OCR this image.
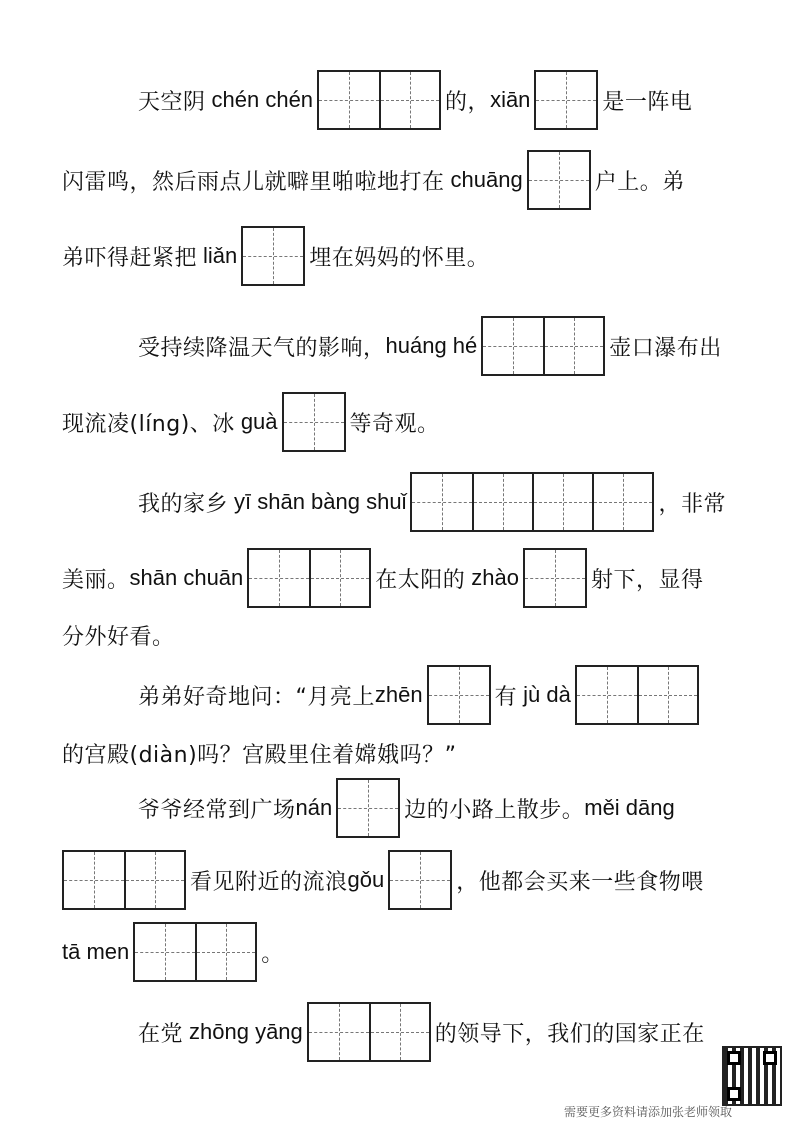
天空阴 chén chén	的， xiān	是一阵电
闪雷鸣，然后雨点儿就噼里啪啦地打在 chuāng	户上。弟
弟吓得赶紧把 liǎn	埋在妈妈的怀里。
受持续降温天气的影响， huáng hé	壶口瀑布出
现流凌(líng)、冰 guà	等奇观。
我的家乡 yī shān bàng shuǐ	，非常
美丽。 shān chuān	在太阳的 zhào	射下，显得
分外好看。
弟弟好奇地问：“月亮上 zhēn	有 jù dà
的宫殿(diàn)吗？宫殿里住着嫦娥吗？”
爷爷经常到广场 nán	边的小路上散步。 měi dāng
看见附近的流浪 gǒu	，他都会买来一些食物喂
tā men	。
在党 zhōng yāng	的领导下，我们的国家正在
需要更多资料请添加张老师领取
